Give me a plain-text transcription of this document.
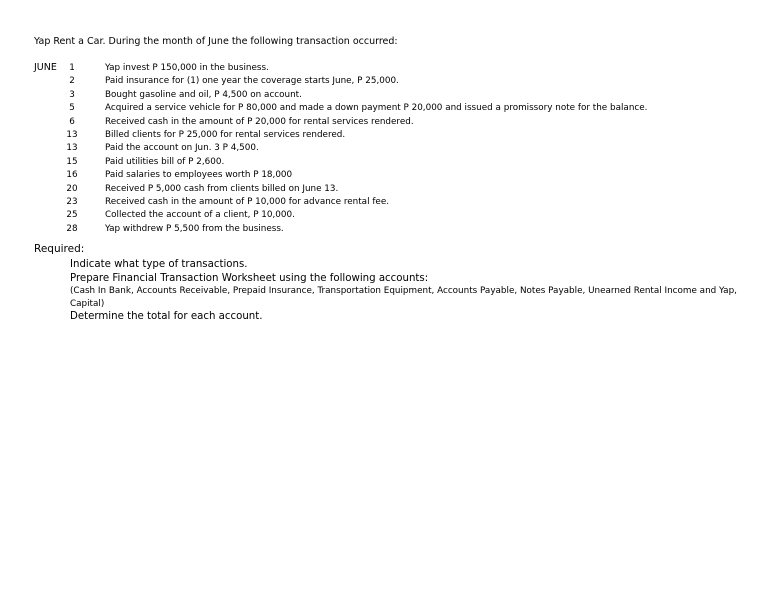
Yap Rent a Car. During the month of June the following transaction occurred:
JUNE	1	Yap invest P 150,000 in the business.
2	Paid insurance for (1) one year the coverage starts June, P 25,000.
3	Bought gasoline and oil, P 4,500 on account.
5	Acquired a service vehicle for P 80,000 and made a down payment P 20,000 and issued a promissory note for the balance.
6	Received cash in the amount of P 20,000 for rental services rendered.
13	Billed clients for P 25,000 for rental services rendered.
13	Paid the account on Jun. 3 P 4,500.
15	Paid utilities bill of P 2,600.
16	Paid salaries to employees worth P 18,000
20	Received P 5,000 cash from clients billed on June 13.
23	Received cash in the amount of P 10,000 for advance rental fee.
25	Collected the account of a client, P 10,000.
28	Yap withdrew P 5,500 from the business.
Required:
Indicate what type of transactions.
Prepare Financial Transaction Worksheet using the following accounts:
(Cash In Bank, Accounts Receivable, Prepaid Insurance, Transportation Equipment, Accounts Payable, Notes Payable, Unearned Rental Income and Yap, Capital)
Determine the total for each account.
